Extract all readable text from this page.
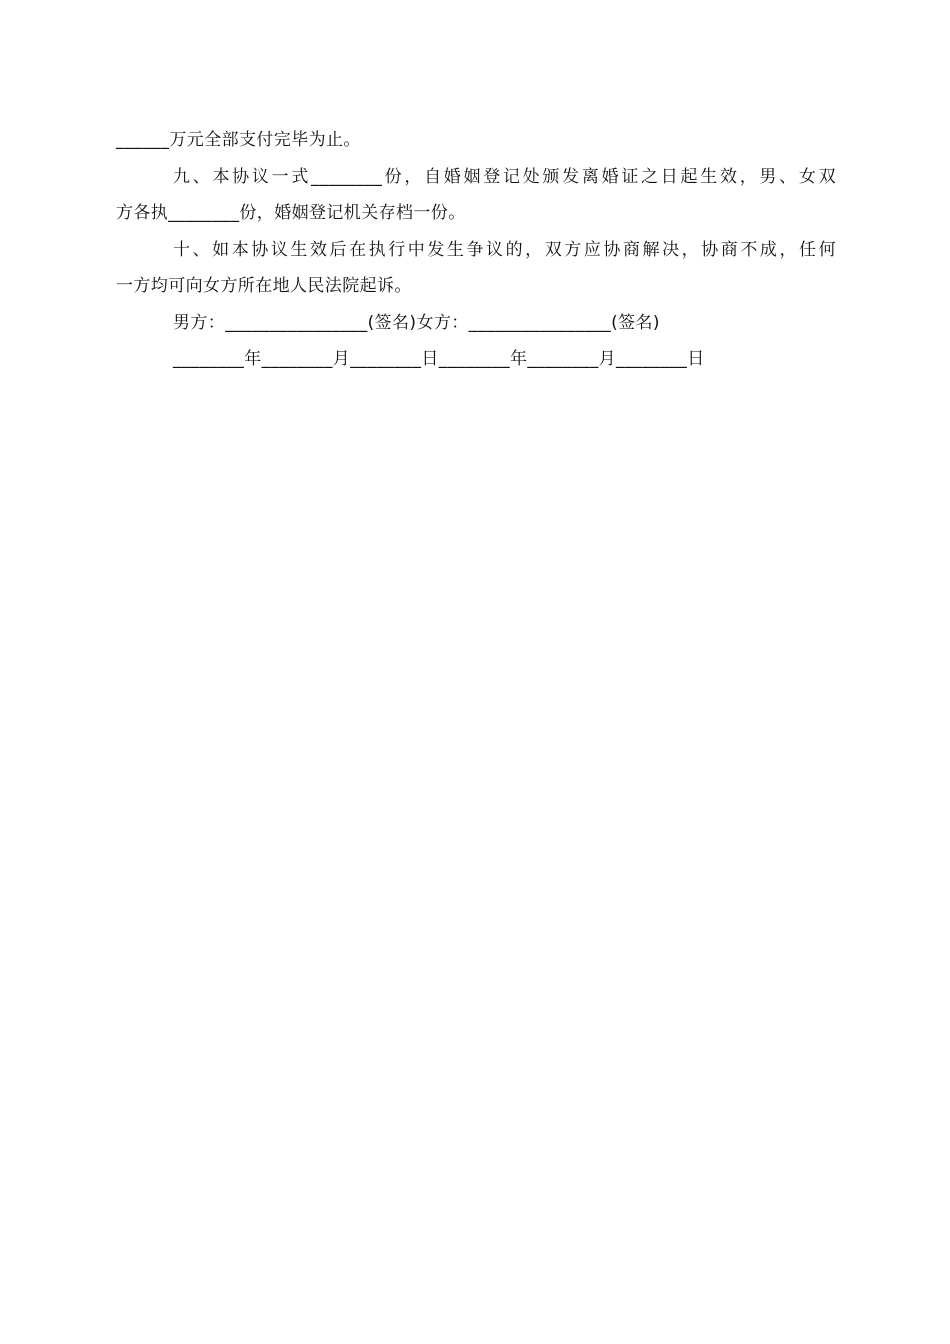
______万元全部支付完毕为止。
九、本协议一式________份，自婚姻登记处颁发离婚证之日起生效，男、女双
方各执________份，婚姻登记机关存档一份。
十、如本协议生效后在执行中发生争议的，双方应协商解决，协商不成，任何
一方均可向女方所在地人民法院起诉。
男方：________________(签名)女方：________________(签名)
________年________月________日________年________月________日
